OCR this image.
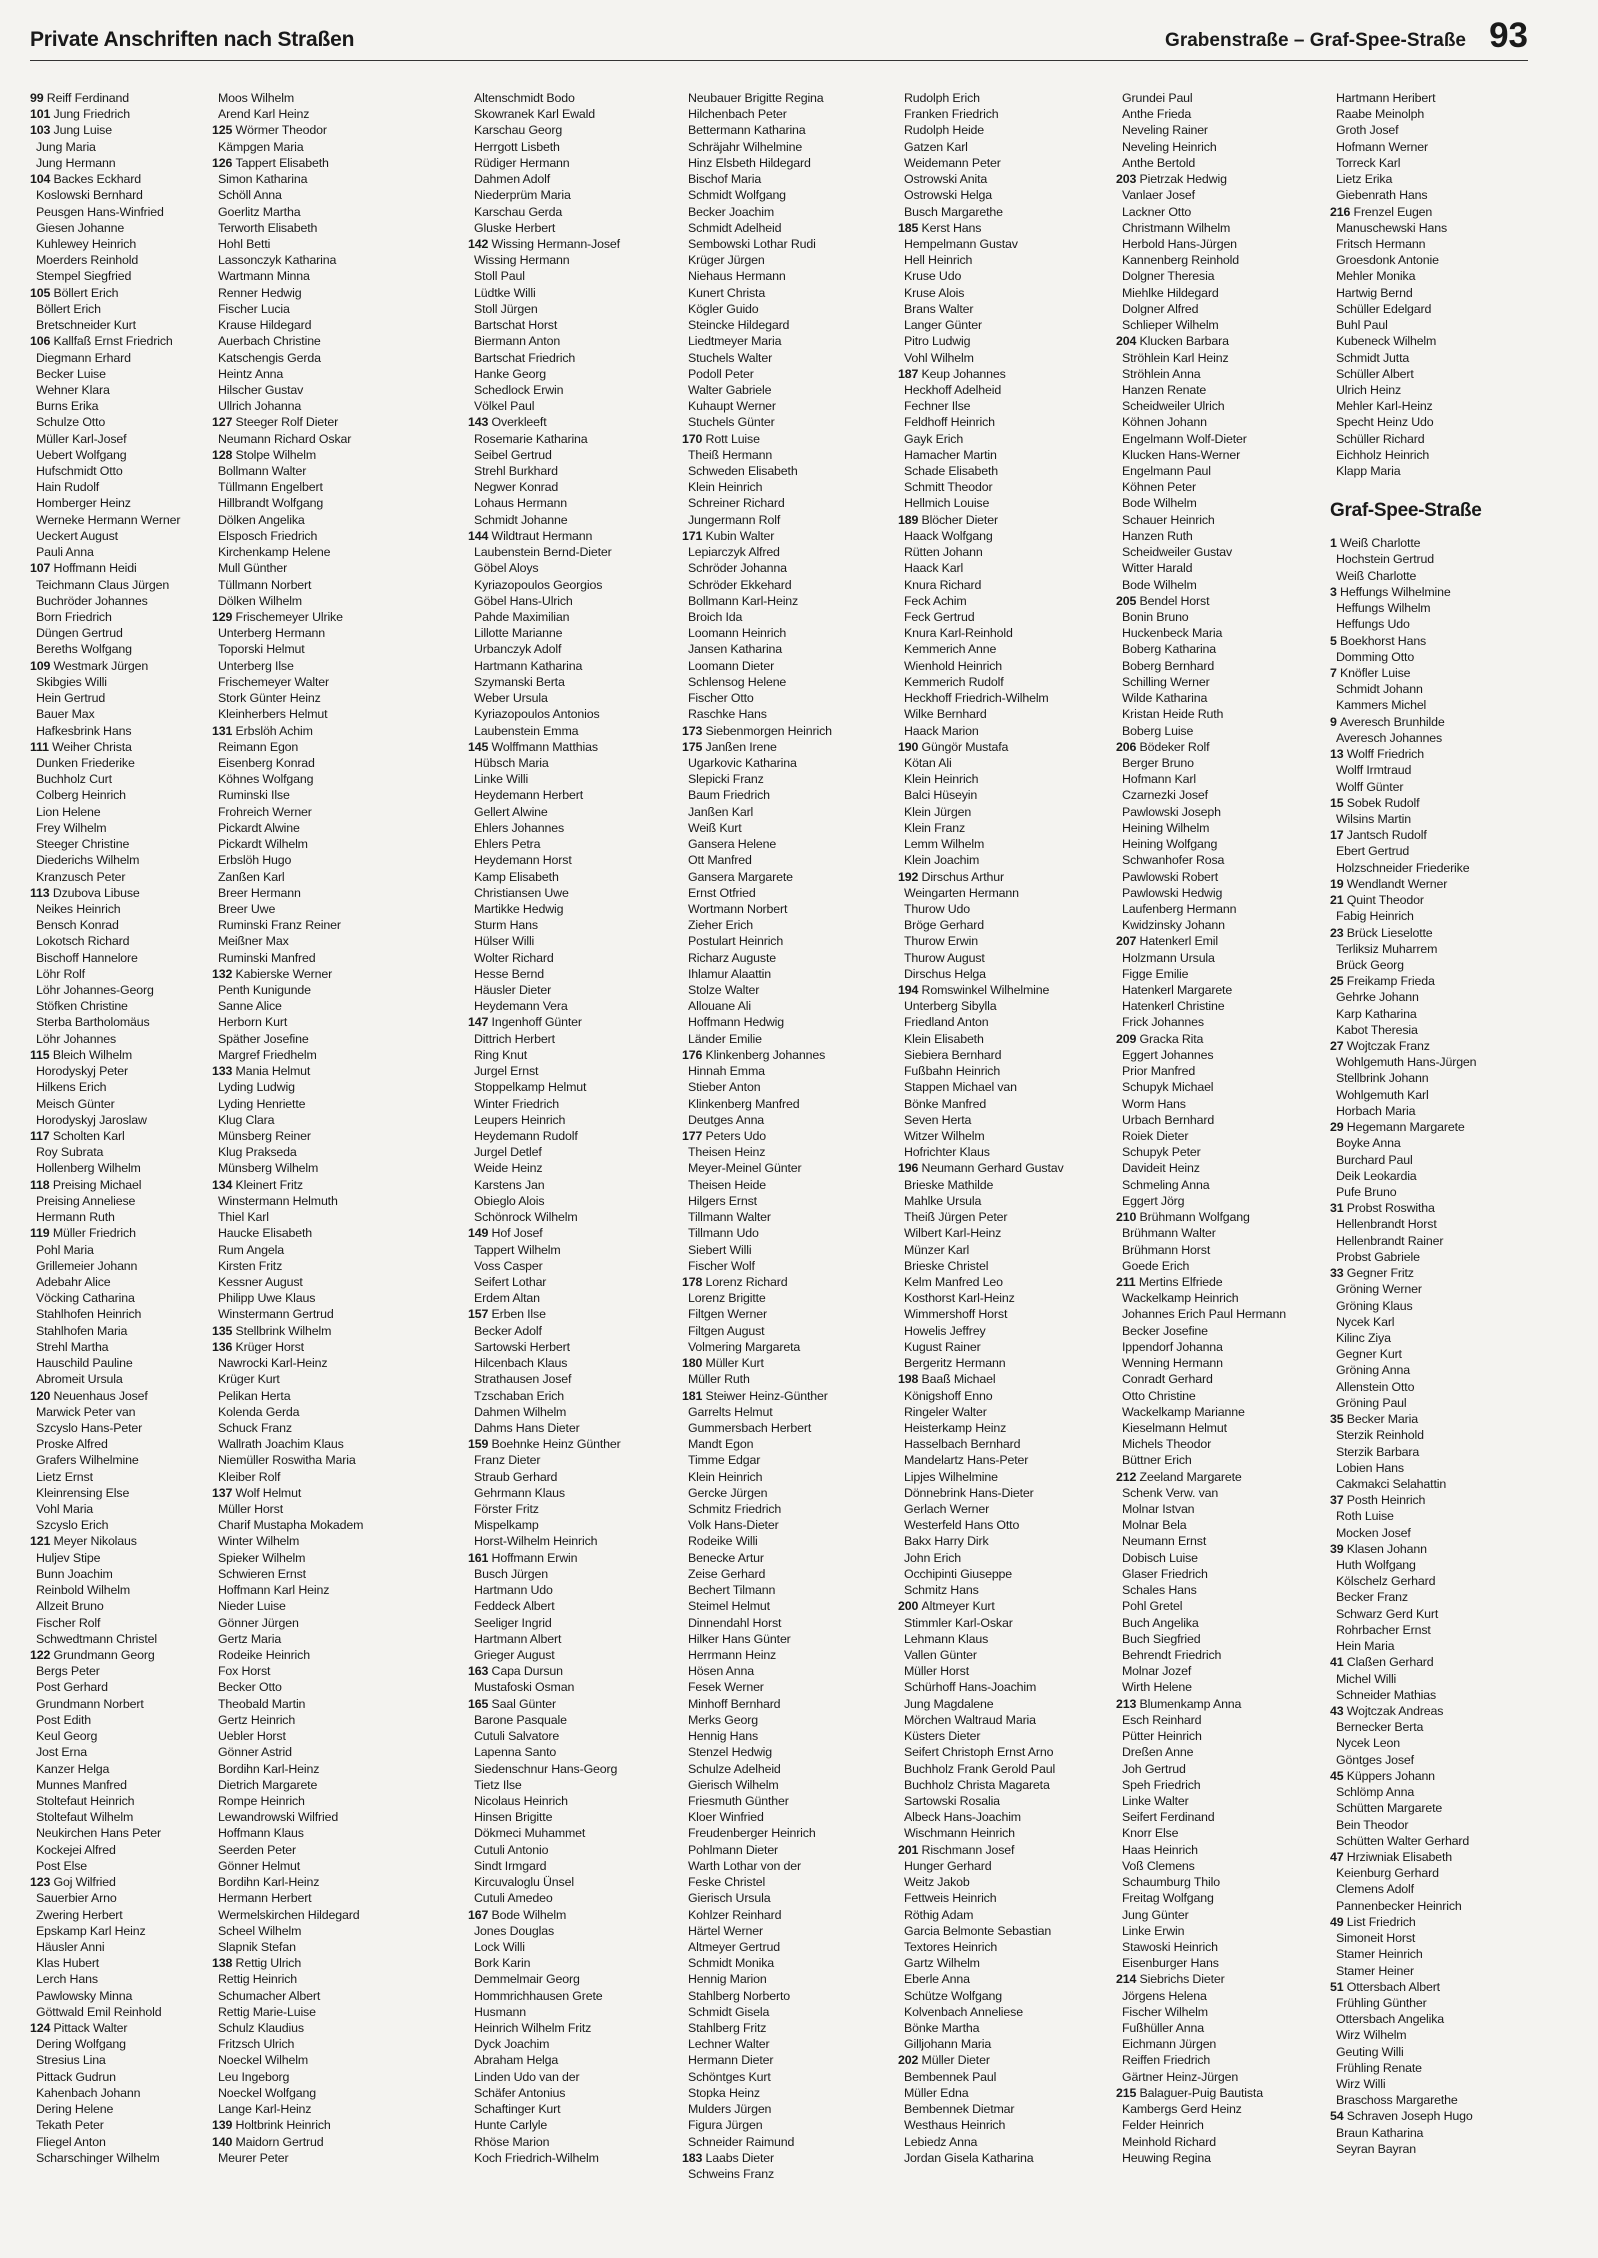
Private Anschriften nach Straßen	Grabenstraße – Graf-Spee-Straße 93
99 Reiff Ferdinand
101 Jung Friedrich
103 Jung Luise
Jung Maria
Jung Hermann
104 Backes Eckhard
Koslowski Bernhard
Peusgen Hans-Winfried
Giesen Johanne
Kuhlewey Heinrich
Moerders Reinhold
Stempel Siegfried
105 Böllert Erich
Böllert Erich
Bretschneider Kurt
106 Kallfaß Ernst Friedrich
Diegmann Erhard
Becker Luise
Wehner Klara
Burns Erika
Schulze Otto
Müller Karl-Josef
Uebert Wolfgang
Hufschmidt Otto
Hain Rudolf
Homberger Heinz
Werneke Hermann Werner
Ueckert August
Pauli Anna
107 Hoffmann Heidi
Teichmann Claus Jürgen
Buchröder Johannes
Born Friedrich
Düngen Gertrud
Bereths Wolfgang
109 Westmark Jürgen
Skibgies Willi
Hein Gertrud
Bauer Max
Hafkesbrink Hans
111 Weiher Christa
Dunken Friederike
Buchholz Curt
Colberg Heinrich
Lion Helene
Frey Wilhelm
Steeger Christine
Diederichs Wilhelm
Kranzusch Peter
113 Dzubova Libuse
Neikes Heinrich
Bensch Konrad
Lokotsch Richard
Bischoff Hannelore
Löhr Rolf
Löhr Johannes-Georg
Stöfken Christine
Sterba Bartholomäus
Löhr Johannes
115 Bleich Wilhelm
Horodyskyj Peter
Hilkens Erich
Meisch Günter
Horodyskyj Jaroslaw
117 Scholten Karl
Roy Subrata
Hollenberg Wilhelm
118 Preising Michael
Preising Anneliese
Hermann Ruth
119 Müller Friedrich
Pohl Maria
Grillemeier Johann
Adebahr Alice
Vöcking Catharina
Stahlhofen Heinrich
Stahlhofen Maria
Strehl Martha
Hauschild Pauline
Abromeit Ursula
120 Neuenhaus Josef
Marwick Peter van
Szcyslo Hans-Peter
Proske Alfred
Grafers Wilhelmine
Lietz Ernst
Kleinrensing Else
Vohl Maria
Szcyslo Erich
121 Meyer Nikolaus
Huljev Stipe
Bunn Joachim
Reinbold Wilhelm
Allzeit Bruno
Fischer Rolf
Schwedtmann Christel
122 Grundmann Georg
Bergs Peter
Post Gerhard
Grundmann Norbert
Post Edith
Keul Georg
Jost Erna
Kanzer Helga
Munnes Manfred
Stoltefaut Heinrich
Stoltefaut Wilhelm
Neukirchen Hans Peter
Kockejei Alfred
Post Else
123 Goj Wilfried
Sauerbier Arno
Zwering Herbert
Epskamp Karl Heinz
Häusler Anni
Klas Hubert
Lerch Hans
Pawlowsky Minna
Göttwald Emil Reinhold
124 Pittack Walter
Dering Wolfgang
Stresius Lina
Pittack Gudrun
Kahenbach Johann
Dering Helene
Tekath Peter
Fliegel Anton
Scharschinger Wilhelm
Moos Wilhelm
Arend Karl Heinz
125 Wörmer Theodor
Kämpgen Maria
126 Tappert Elisabeth
Simon Katharina
Schöll Anna
Goerlitz Martha
Terworth Elisabeth
Hohl Betti
Lassonczyk Katharina
Wartmann Minna
Renner Hedwig
Fischer Lucia
Krause Hildegard
Auerbach Christine
Katschengis Gerda
Heintz Anna
Hilscher Gustav
Ullrich Johanna
127 Steeger Rolf Dieter
Neumann Richard Oskar
128 Stolpe Wilhelm
Bollmann Walter
Tüllmann Engelbert
Hillbrandt Wolfgang
Dölken Angelika
Elsposch Friedrich
Kirchenkamp Helene
Mull Günther
Tüllmann Norbert
Dölken Wilhelm
129 Frischemeyer Ulrike
Unterberg Hermann
Toporski Helmut
Unterberg Ilse
Frischemeyer Walter
Stork Günter Heinz
Kleinherbers Helmut
131 Erbslöh Achim
Reimann Egon
Eisenberg Konrad
Köhnes Wolfgang
Ruminski Ilse
Frohreich Werner
Pickardt Alwine
Pickardt Wilhelm
Erbslöh Hugo
Zanßen Karl
Breer Hermann
Breer Uwe
Ruminski Franz Reiner
Meißner Max
Ruminski Manfred
132 Kabierske Werner
Penth Kunigunde
Sanne Alice
Herborn Kurt
Späther Josefine
Margref Friedhelm
133 Mania Helmut
Lyding Ludwig
Lyding Henriette
Klug Clara
Münsberg Reiner
Klug Prakseda
Münsberg Wilhelm
134 Kleinert Fritz
Winstermann Helmuth
Thiel Karl
Haucke Elisabeth
Rum Angela
Kirsten Fritz
Kessner August
Philipp Uwe Klaus
Winstermann Gertrud
135 Stellbrink Wilhelm
136 Krüger Horst
Nawrocki Karl-Heinz
Krüger Kurt
Pelikan Herta
Kolenda Gerda
Schuck Franz
Wallrath Joachim Klaus
Niemüller Roswitha Maria
Kleiber Rolf
137 Wolf Helmut
Müller Horst
Charif Mustapha Mokadem
Winter Wilhelm
Spieker Wilhelm
Schwieren Ernst
Hoffmann Karl Heinz
Nieder Luise
Gönner Jürgen
Gertz Maria
Rodeike Heinrich
Fox Horst
Becker Otto
Theobald Martin
Gertz Heinrich
Uebler Horst
Gönner Astrid
Bordihn Karl-Heinz
Dietrich Margarete
Rompe Heinrich
Lewandrowski Wilfried
Hoffmann Klaus
Seerden Peter
Gönner Helmut
Bordihn Karl-Heinz
Hermann Herbert
Wermelskirchen Hildegard
Scheel Wilhelm
Slapnik Stefan
138 Rettig Ulrich
Rettig Heinrich
Schumacher Albert
Rettig Marie-Luise
Schulz Klaudius
Fritzsch Ulrich
Noeckel Wilhelm
Leu Ingeborg
Noeckel Wolfgang
Lange Karl-Heinz
139 Holtbrink Heinrich
140 Maidorn Gertrud
Meurer Peter
Altenschmidt Bodo
Skowranek Karl Ewald
Karschau Georg
Herrgott Lisbeth
Rüdiger Hermann
Dahmen Adolf
Niederprüm Maria
Karschau Gerda
Gluske Herbert
142 Wissing Hermann-Josef
Wissing Hermann
Stoll Paul
Lüdtke Willi
Stoll Jürgen
Bartschat Horst
Biermann Anton
Bartschat Friedrich
Hanke Georg
Schedlock Erwin
Völkel Paul
143 Overkleeft
Rosemarie Katharina
Seibel Gertrud
Strehl Burkhard
Negwer Konrad
Lohaus Hermann
Schmidt Johanne
144 Wildtraut Hermann
Laubenstein Bernd-Dieter
Göbel Aloys
Kyriazopoulos Georgios
Göbel Hans-Ulrich
Pahde Maximilian
Lillotte Marianne
Urbanczyk Adolf
Hartmann Katharina
Szymanski Berta
Weber Ursula
Kyriazopoulos Antonios
Laubenstein Emma
145 Wolffmann Matthias
Hübsch Maria
Linke Willi
Heydemann Herbert
Gellert Alwine
Ehlers Johannes
Ehlers Petra
Heydemann Horst
Kamp Elisabeth
Christiansen Uwe
Martikke Hedwig
Sturm Hans
Hülser Willi
Wolter Richard
Hesse Bernd
Häusler Dieter
Heydemann Vera
147 Ingenhoff Günter
Dittrich Herbert
Ring Knut
Jurgel Ernst
Stoppelkamp Helmut
Winter Friedrich
Leupers Heinrich
Heydemann Rudolf
Jurgel Detlef
Weide Heinz
Karstens Jan
Obieglo Alois
Schönrock Wilhelm
149 Hof Josef
Tappert Wilhelm
Voss Casper
Seifert Lothar
Erdem Altan
157 Erben Ilse
Becker Adolf
Sartowski Herbert
Hilcenbach Klaus
Strathausen Josef
Tzschaban Erich
Dahmen Wilhelm
Dahms Hans Dieter
159 Boehnke Heinz Günther
Franz Dieter
Straub Gerhard
Gehrmann Klaus
Förster Fritz
Mispelkamp
Horst-Wilhelm Heinrich
161 Hoffmann Erwin
Busch Jürgen
Hartmann Udo
Feddeck Albert
Seeliger Ingrid
Hartmann Albert
Grieger August
163 Capa Dursun
Mustafoski Osman
165 Saal Günter
Barone Pasquale
Cutuli Salvatore
Lapenna Santo
Siedenschnur Hans-Georg
Tietz Ilse
Nicolaus Heinrich
Hinsen Brigitte
Dökmeci Muhammet
Cutuli Antonio
Sindt Irmgard
Kircuvaloglu Ünsel
Cutuli Amedeo
167 Bode Wilhelm
Jones Douglas
Lock Willi
Bork Karin
Demmelmair Georg
Hommrichhausen Grete
Husmann
Heinrich Wilhelm Fritz
Dyck Joachim
Abraham Helga
Linden Udo van der
Schäfer Antonius
Schaftinger Kurt
Hunte Carlyle
Rhöse Marion
Koch Friedrich-Wilhelm
Neubauer Brigitte Regina
Hilchenbach Peter
Bettermann Katharina
Schräjahr Wilhelmine
Hinz Elsbeth Hildegard
Bischof Maria
Schmidt Wolfgang
Becker Joachim
Schmidt Adelheid
Sembowski Lothar Rudi
Krüger Jürgen
Niehaus Hermann
Kunert Christa
Kögler Guido
Steincke Hildegard
Liedtmeyer Maria
Stuchels Walter
Podoll Peter
Walter Gabriele
Kuhaupt Werner
Stuchels Günter
170 Rott Luise
Theiß Hermann
Schweden Elisabeth
Klein Heinrich
Schreiner Richard
Jungermann Rolf
171 Kubin Walter
Lepiarczyk Alfred
Schröder Johanna
Schröder Ekkehard
Bollmann Karl-Heinz
Broich Ida
Loomann Heinrich
Jansen Katharina
Loomann Dieter
Schlensog Helene
Fischer Otto
Raschke Hans
173 Siebenmorgen Heinrich
175 Janßen Irene
Ugarkovic Katharina
Slepicki Franz
Baum Friedrich
Janßen Karl
Weiß Kurt
Gansera Helene
Ott Manfred
Gansera Margarete
Ernst Otfried
Wortmann Norbert
Zieher Erich
Postulart Heinrich
Richarz Auguste
Ihlamur Alaattin
Stolze Walter
Allouane Ali
Hoffmann Hedwig
Länder Emilie
176 Klinkenberg Johannes
Hinnah Emma
Stieber Anton
Klinkenberg Manfred
Deutges Anna
177 Peters Udo
Theisen Heinz
Meyer-Meinel Günter
Theisen Heide
Hilgers Ernst
Tillmann Walter
Tillmann Udo
Siebert Willi
Fischer Wolf
178 Lorenz Richard
Lorenz Brigitte
Filtgen Werner
Filtgen August
Volmering Margareta
180 Müller Kurt
Müller Ruth
181 Steiwer Heinz-Günther
Garrelts Helmut
Gummersbach Herbert
Mandt Egon
Timme Edgar
Klein Heinrich
Gercke Jürgen
Schmitz Friedrich
Volk Hans-Dieter
Rodeike Willi
Benecke Artur
Zeise Gerhard
Bechert Tilmann
Steimel Helmut
Dinnendahl Horst
Hilker Hans Günter
Herrmann Heinz
Hösen Anna
Fesek Werner
Minhoff Bernhard
Merks Georg
Hennig Hans
Stenzel Hedwig
Schulze Adelheid
Gierisch Wilhelm
Friesmuth Günther
Kloer Winfried
Freudenberger Heinrich
Pohlmann Dieter
Warth Lothar von der
Feske Christel
Gierisch Ursula
Kohlzer Reinhard
Härtel Werner
Altmeyer Gertrud
Schmidt Monika
Hennig Marion
Stahlberg Norberto
Schmidt Gisela
Stahlberg Fritz
Lechner Walter
Hermann Dieter
Schöntges Kurt
Stopka Heinz
Mulders Jürgen
Figura Jürgen
Schneider Raimund
183 Laabs Dieter
Schweins Franz
Rudolph Erich
Franken Friedrich
Rudolph Heide
Gatzen Karl
Weidemann Peter
Ostrowski Anita
Ostrowski Helga
Busch Margarethe
185 Kerst Hans
Hempelmann Gustav
Hell Heinrich
Kruse Udo
Kruse Alois
Brans Walter
Langer Günter
Pitro Ludwig
Vohl Wilhelm
187 Keup Johannes
Heckhoff Adelheid
Fechner Ilse
Feldhoff Heinrich
Gayk Erich
Hamacher Martin
Schade Elisabeth
Schmitt Theodor
Hellmich Louise
189 Blöcher Dieter
Haack Wolfgang
Rütten Johann
Haack Karl
Knura Richard
Feck Achim
Feck Gertrud
Knura Karl-Reinhold
Kemmerich Anne
Wienhold Heinrich
Kemmerich Rudolf
Heckhoff Friedrich-Wilhelm
Wilke Bernhard
Haack Marion
190 Güngör Mustafa
Kötan Ali
Klein Heinrich
Balci Hüseyin
Klein Jürgen
Klein Franz
Lemm Wilhelm
Klein Joachim
192 Dirschus Arthur
Weingarten Hermann
Thurow Udo
Bröge Gerhard
Thurow Erwin
Thurow August
Dirschus Helga
194 Romswinkel Wilhelmine
Unterberg Sibylla
Friedland Anton
Klein Elisabeth
Siebiera Bernhard
Fußbahn Heinrich
Stappen Michael van
Bönke Manfred
Seven Herta
Witzer Wilhelm
Hofrichter Klaus
196 Neumann Gerhard Gustav
Brieske Mathilde
Mahlke Ursula
Theiß Jürgen Peter
Wilbert Karl-Heinz
Münzer Karl
Brieske Christel
Kelm Manfred Leo
Kosthorst Karl-Heinz
Wimmershoff Horst
Howelis Jeffrey
Kugust Rainer
Bergeritz Hermann
198 Baaß Michael
Königshoff Enno
Ringeler Walter
Heisterkamp Heinz
Hasselbach Bernhard
Mandelartz Hans-Peter
Lipjes Wilhelmine
Dönnebrink Hans-Dieter
Gerlach Werner
Westerfeld Hans Otto
Bakx Harry Dirk
John Erich
Occhipinti Giuseppe
Schmitz Hans
200 Altmeyer Kurt
Stimmler Karl-Oskar
Lehmann Klaus
Vallen Günter
Müller Horst
Schürhoff Hans-Joachim
Jung Magdalene
Mörchen Waltraud Maria
Küsters Dieter
Seifert Christoph Ernst Arno
Buchholz Frank Gerold Paul
Buchholz Christa Magareta
Sartowski Rosalia
Albeck Hans-Joachim
Wischmann Heinrich
201 Rischmann Josef
Hunger Gerhard
Weitz Jakob
Fettweis Heinrich
Röthig Adam
Garcia Belmonte Sebastian
Textores Heinrich
Gartz Wilhelm
Eberle Anna
Schütze Wolfgang
Kolvenbach Anneliese
Bönke Martha
Gilljohann Maria
202 Müller Dieter
Bembennek Paul
Müller Edna
Bembennek Dietmar
Westhaus Heinrich
Lebiedz Anna
Jordan Gisela Katharina
Grundei Paul
Anthe Frieda
Neveling Rainer
Neveling Heinrich
Anthe Bertold
203 Pietrzak Hedwig
Vanlaer Josef
Lackner Otto
Christmann Wilhelm
Herbold Hans-Jürgen
Kannenberg Reinhold
Dolgner Theresia
Miehlke Hildegard
Dolgner Alfred
Schlieper Wilhelm
204 Klucken Barbara
Ströhlein Karl Heinz
Ströhlein Anna
Hanzen Renate
Scheidweiler Ulrich
Köhnen Johann
Engelmann Wolf-Dieter
Klucken Hans-Werner
Engelmann Paul
Köhnen Peter
Bode Wilhelm
Schauer Heinrich
Hanzen Ruth
Scheidweiler Gustav
Witter Harald
Bode Wilhelm
205 Bendel Horst
Bonin Bruno
Huckenbeck Maria
Boberg Katharina
Boberg Bernhard
Schilling Werner
Wilde Katharina
Kristan Heide Ruth
Boberg Luise
206 Bödeker Rolf
Berger Bruno
Hofmann Karl
Czarnezki Josef
Pawlowski Joseph
Heining Wilhelm
Heining Wolfgang
Schwanhofer Rosa
Pawlowski Robert
Pawlowski Hedwig
Laufenberg Hermann
Kwidzinsky Johann
207 Hatenkerl Emil
Holzmann Ursula
Figge Emilie
Hatenkerl Margarete
Hatenkerl Christine
Frick Johannes
209 Gracka Rita
Eggert Johannes
Prior Manfred
Schupyk Michael
Worm Hans
Urbach Bernhard
Roiek Dieter
Schupyk Peter
Davideit Heinz
Schmeling Anna
Eggert Jörg
210 Brühmann Wolfgang
Brühmann Walter
Brühmann Horst
Goede Erich
211 Mertins Elfriede
Wackelkamp Heinrich
Johannes Erich Paul Hermann
Becker Josefine
Ippendorf Johanna
Wenning Hermann
Conradt Gerhard
Otto Christine
Wackelkamp Marianne
Kieselmann Helmut
Michels Theodor
Büttner Erich
212 Zeeland Margarete
Schenk Verw. van
Molnar Istvan
Molnar Bela
Neumann Ernst
Dobisch Luise
Glaser Friedrich
Schales Hans
Pohl Gretel
Buch Angelika
Buch Siegfried
Behrendt Friedrich
Molnar Jozef
Wirth Helene
213 Blumenkamp Anna
Esch Reinhard
Pütter Heinrich
Dreßen Anne
Joh Gertrud
Speh Friedrich
Linke Walter
Seifert Ferdinand
Knorr Else
Haas Heinrich
Voß Clemens
Schaumburg Thilo
Freitag Wolfgang
Jung Günter
Linke Erwin
Stawoski Heinrich
Eisenburger Hans
214 Siebrichs Dieter
Jörgens Helena
Fischer Wilhelm
Fußhüller Anna
Eichmann Jürgen
Reiffen Friedrich
Gärtner Heinz-Jürgen
215 Balaguer-Puig Bautista
Kambergs Gerd Heinz
Felder Heinrich
Meinhold Richard
Heuwing Regina
Hartmann Heribert
Raabe Meinolph
Groth Josef
Hofmann Werner
Torreck Karl
Lietz Erika
Giebenrath Hans
216 Frenzel Eugen
Manuschewski Hans
Fritsch Hermann
Groesdonk Antonie
Mehler Monika
Hartwig Bernd
Schüller Edelgard
Buhl Paul
Kubeneck Wilhelm
Schmidt Jutta
Schüller Albert
Ulrich Heinz
Mehler Karl-Heinz
Specht Heinz Udo
Schüller Richard
Eichholz Heinrich
Klapp Maria
Graf-Spee-Straße
1 Weiß Charlotte
Hochstein Gertrud
Weiß Charlotte
3 Heffungs Wilhelmine
Heffungs Wilhelm
Heffungs Udo
5 Boekhorst Hans
Domming Otto
7 Knöfler Luise
Schmidt Johann
Kammers Michel
9 Averesch Brunhilde
Averesch Johannes
13 Wolff Friedrich
Wolff Irmtraud
Wolff Günter
15 Sobek Rudolf
Wilsins Martin
17 Jantsch Rudolf
Ebert Gertrud
Holzschneider Friederike
19 Wendlandt Werner
21 Quint Theodor
Fabig Heinrich
23 Brück Lieselotte
Terliksiz Muharrem
Brück Georg
25 Freikamp Frieda
Gehrke Johann
Karp Katharina
Kabot Theresia
27 Wojtczak Franz
Wohlgemuth Hans-Jürgen
Stellbrink Johann
Wohlgemuth Karl
Horbach Maria
29 Hegemann Margarete
Boyke Anna
Burchard Paul
Deik Leokardia
Pufe Bruno
31 Probst Roswitha
Hellenbrandt Horst
Hellenbrandt Rainer
Probst Gabriele
33 Gegner Fritz
Gröning Werner
Gröning Klaus
Nycek Karl
Kilinc Ziya
Gegner Kurt
Gröning Anna
Allenstein Otto
Gröning Paul
35 Becker Maria
Sterzik Reinhold
Sterzik Barbara
Lobien Hans
Cakmakci Selahattin
37 Posth Heinrich
Roth Luise
Mocken Josef
39 Klasen Johann
Huth Wolfgang
Kölschelz Gerhard
Becker Franz
Schwarz Gerd Kurt
Rohrbacher Ernst
Hein Maria
41 Claßen Gerhard
Michel Willi
Schneider Mathias
43 Wojtczak Andreas
Bernecker Berta
Nycek Leon
Göntges Josef
45 Küppers Johann
Schlömp Anna
Schütten Margarete
Bein Theodor
Schütten Walter Gerhard
47 Hrziwniak Elisabeth
Keienburg Gerhard
Clemens Adolf
Pannenbecker Heinrich
49 List Friedrich
Simoneit Horst
Stamer Heinrich
Stamer Heiner
51 Ottersbach Albert
Frühling Günther
Ottersbach Angelika
Wirz Wilhelm
Geuting Willi
Frühling Renate
Wirz Willi
Braschoss Margarethe
54 Schraven Joseph Hugo
Braun Katharina
Seyran Bayran
